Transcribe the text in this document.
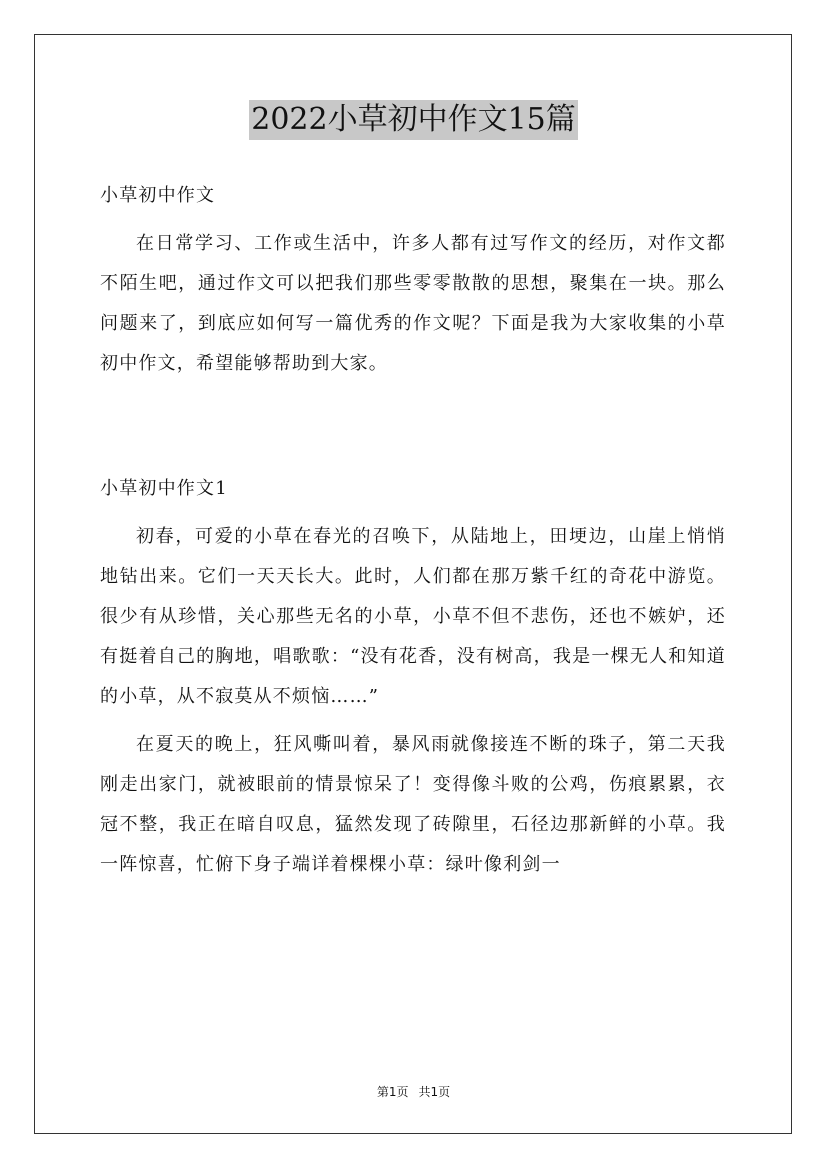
2022小草初中作文15篇

小草初中作文

在日常学习、工作或生活中，许多人都有过写作文的经历，对作文都不陌生吧，通过作文可以把我们那些零零散散的思想，聚集在一块。那么问题来了，到底应如何写一篇优秀的作文呢？下面是我为大家收集的小草初中作文，希望能够帮助到大家。

小草初中作文1

初春，可爱的小草在春光的召唤下，从陆地上，田埂边，山崖上悄悄地钻出来。它们一天天长大。此时，人们都在那万紫千红的奇花中游览。很少有从珍惜，关心那些无名的小草，小草不但不悲伤，还也不嫉妒，还有挺着自己的胸地，唱歌歌：“没有花香，没有树高，我是一棵无人和知道的小草，从不寂莫从不烦恼……”

在夏天的晚上，狂风嘶叫着，暴风雨就像接连不断的珠子，第二天我刚走出家门，就被眼前的情景惊呆了！变得像斗败的公鸡，伤痕累累，衣冠不整，我正在暗自叹息，猛然发现了砖隙里，石径边那新鲜的小草。我一阵惊喜，忙俯下身子端详着棵棵小草：绿叶像利剑一

第1页 共1页
